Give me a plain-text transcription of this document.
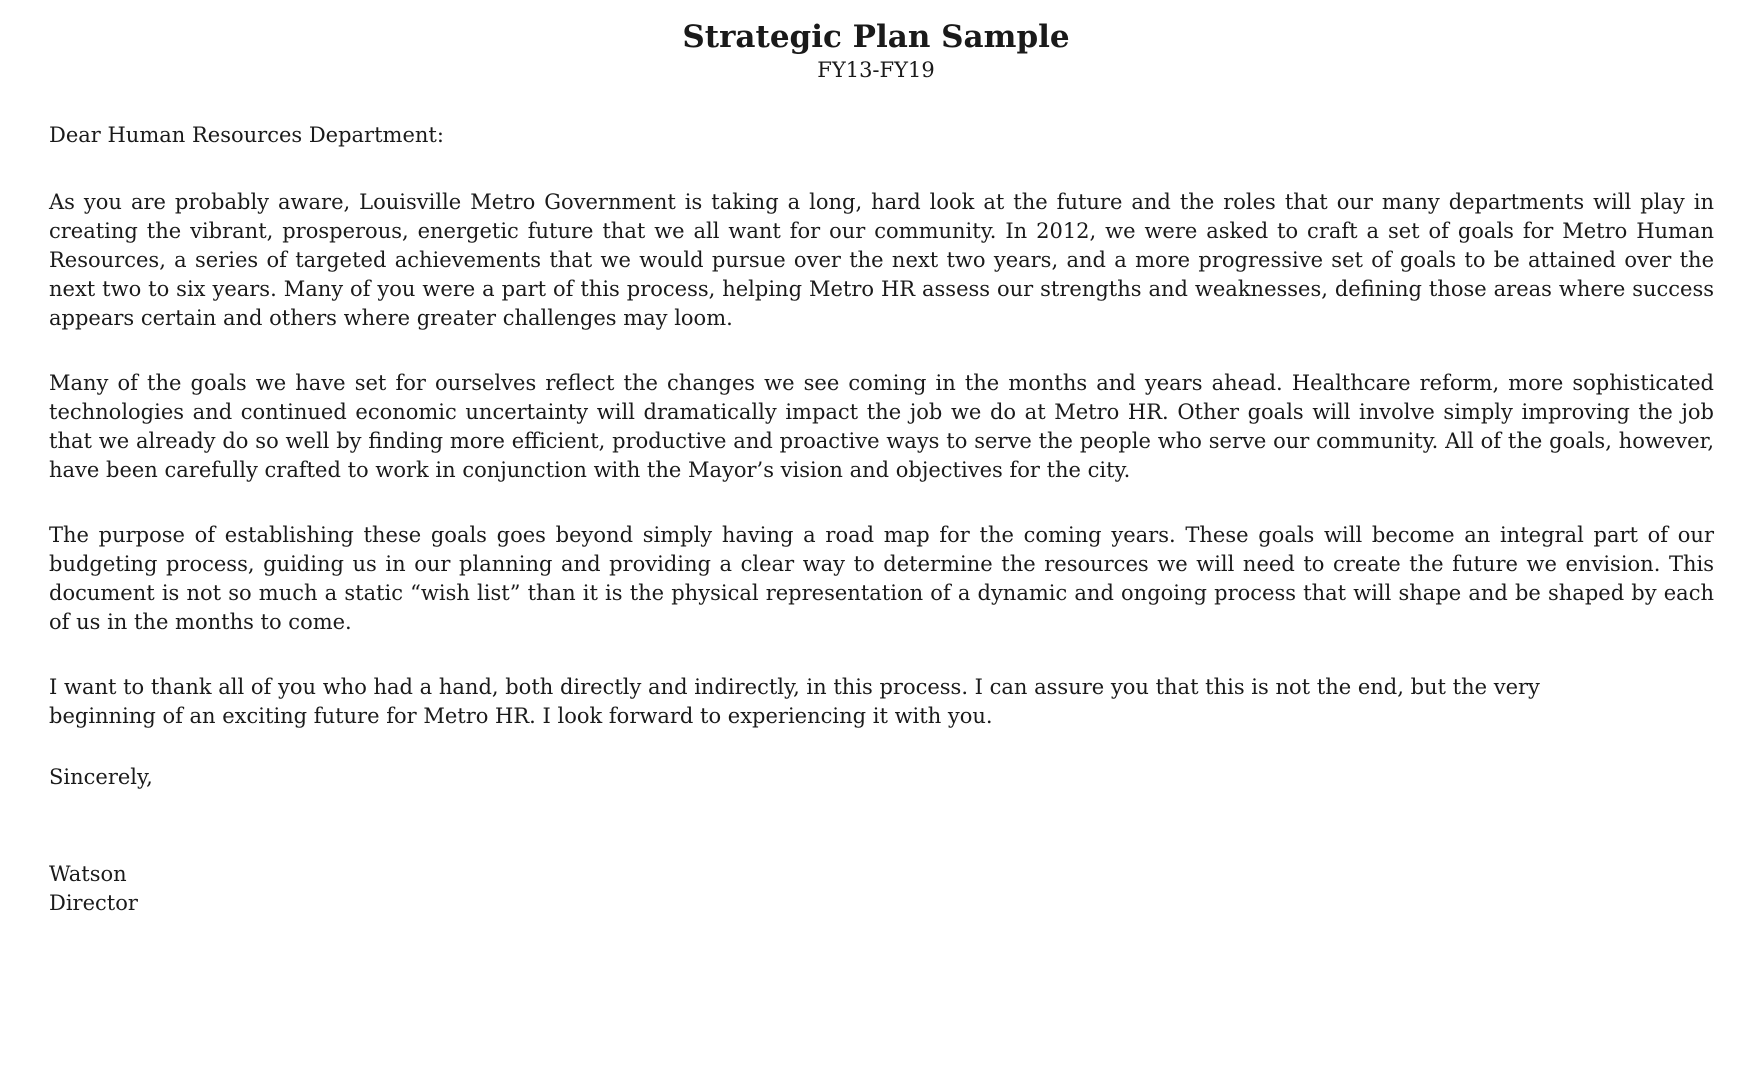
Strategic Plan Sample
FY13-FY19

Dear Human Resources Department:

As you are probably aware, Louisville Metro Government is taking a long, hard look at the future and the roles that our many departments will play in creating the vibrant, prosperous, energetic future that we all want for our community. In 2012, we were asked to craft a set of goals for Metro Human Resources, a series of targeted achievements that we would pursue over the next two years, and a more progressive set of goals to be attained over the next two to six years. Many of you were a part of this process, helping Metro HR assess our strengths and weaknesses, defining those areas where success appears certain and others where greater challenges may loom.

Many of the goals we have set for ourselves reflect the changes we see coming in the months and years ahead. Healthcare reform, more sophisticated technologies and continued economic uncertainty will dramatically impact the job we do at Metro HR. Other goals will involve simply improving the job that we already do so well by finding more efficient, productive and proactive ways to serve the people who serve our community. All of the goals, however, have been carefully crafted to work in conjunction with the Mayor’s vision and objectives for the city.

The purpose of establishing these goals goes beyond simply having a road map for the coming years. These goals will become an integral part of our budgeting process, guiding us in our planning and providing a clear way to determine the resources we will need to create the future we envision. This document is not so much a static “wish list” than it is the physical representation of a dynamic and ongoing process that will shape and be shaped by each of us in the months to come.

I want to thank all of you who had a hand, both directly and indirectly, in this process. I can assure you that this is not the end, but the very beginning of an exciting future for Metro HR. I look forward to experiencing it with you.

Sincerely,

Watson

Director
